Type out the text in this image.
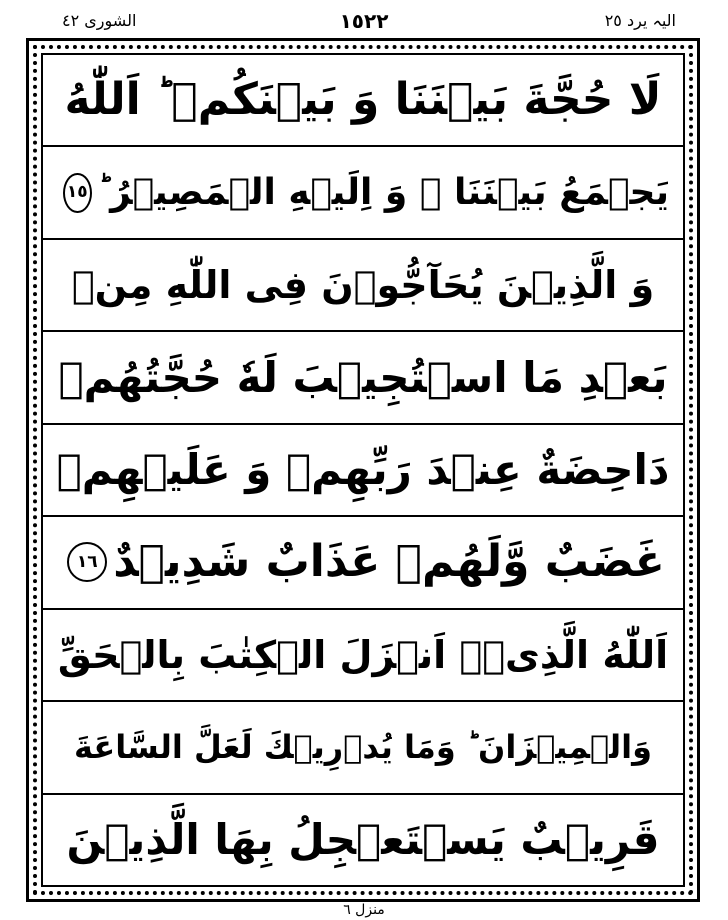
الشوری ٤٢	١٥٢٢	الیہ یرد ٢٥
لَا حُجَّةَ بَيۡنَنَا وَ بَيۡنَكُمۡ ؕ اَللّٰهُ
يَجۡمَعُ بَيۡنَنَا ۚ وَ اِلَيۡهِ الۡمَصِيۡرُ ؕ
١٥
وَ الَّذِيۡنَ يُحَآجُّوۡنَ فِى اللّٰهِ مِنۡ
بَعۡدِ مَا اسۡتُجِيۡبَ لَهٗ حُجَّتُهُمۡ
دَاحِضَةٌ عِنۡدَ رَبِّهِمۡ وَ عَلَيۡهِمۡ
غَضَبٌ وَّلَهُمۡ عَذَابٌ شَدِيۡدٌ
١٦
اَللّٰهُ الَّذِىۡۤ اَنۡزَلَ الۡكِتٰبَ بِالۡحَقِّ
وَالۡمِيۡزَانَ ؕ وَمَا يُدۡرِيۡكَ لَعَلَّ السَّاعَةَ
قَرِيۡبٌ يَسۡتَعۡجِلُ بِهَا الَّذِيۡنَ
منزل ٦
